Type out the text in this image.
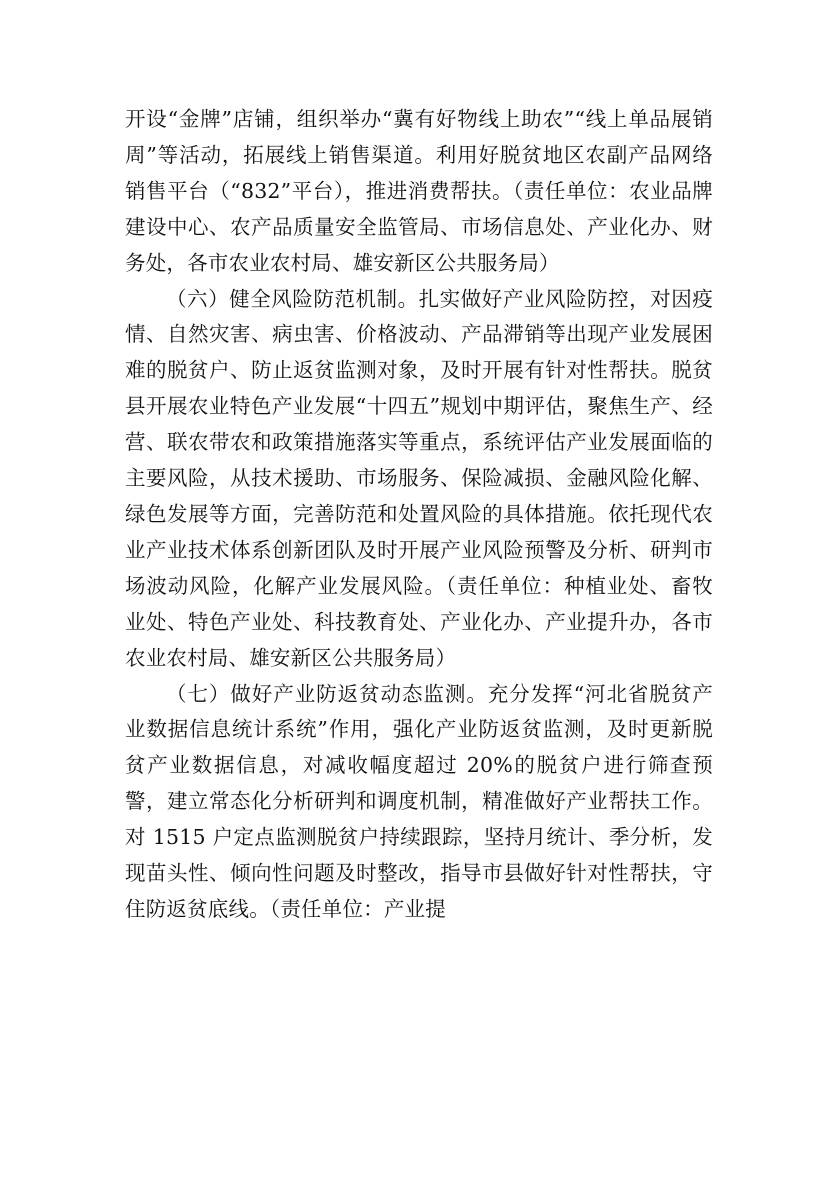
开设“金牌”店铺，组织举办“冀有好物线上助农”“线上单品展销周”等活动，拓展线上销售渠道。利用好脱贫地区农副产品网络销售平台（“832”平台），推进消费帮扶。（责任单位：农业品牌建设中心、农产品质量安全监管局、市场信息处、产业化办、财务处，各市农业农村局、雄安新区公共服务局）

（六）健全风险防范机制。扎实做好产业风险防控，对因疫情、自然灾害、病虫害、价格波动、产品滞销等出现产业发展困难的脱贫户、防止返贫监测对象，及时开展有针对性帮扶。脱贫县开展农业特色产业发展“十四五”规划中期评估，聚焦生产、经营、联农带农和政策措施落实等重点，系统评估产业发展面临的主要风险，从技术援助、市场服务、保险减损、金融风险化解、绿色发展等方面，完善防范和处置风险的具体措施。依托现代农业产业技术体系创新团队及时开展产业风险预警及分析、研判市场波动风险，化解产业发展风险。（责任单位：种植业处、畜牧业处、特色产业处、科技教育处、产业化办、产业提升办，各市农业农村局、雄安新区公共服务局）

（七）做好产业防返贫动态监测。充分发挥“河北省脱贫产业数据信息统计系统”作用，强化产业防返贫监测，及时更新脱贫产业数据信息，对减收幅度超过 20%的脱贫户进行筛查预警，建立常态化分析研判和调度机制，精准做好产业帮扶工作。对 1515 户定点监测脱贫户持续跟踪，坚持月统计、季分析，发现苗头性、倾向性问题及时整改，指导市县做好针对性帮扶，守住防返贫底线。（责任单位：产业提
